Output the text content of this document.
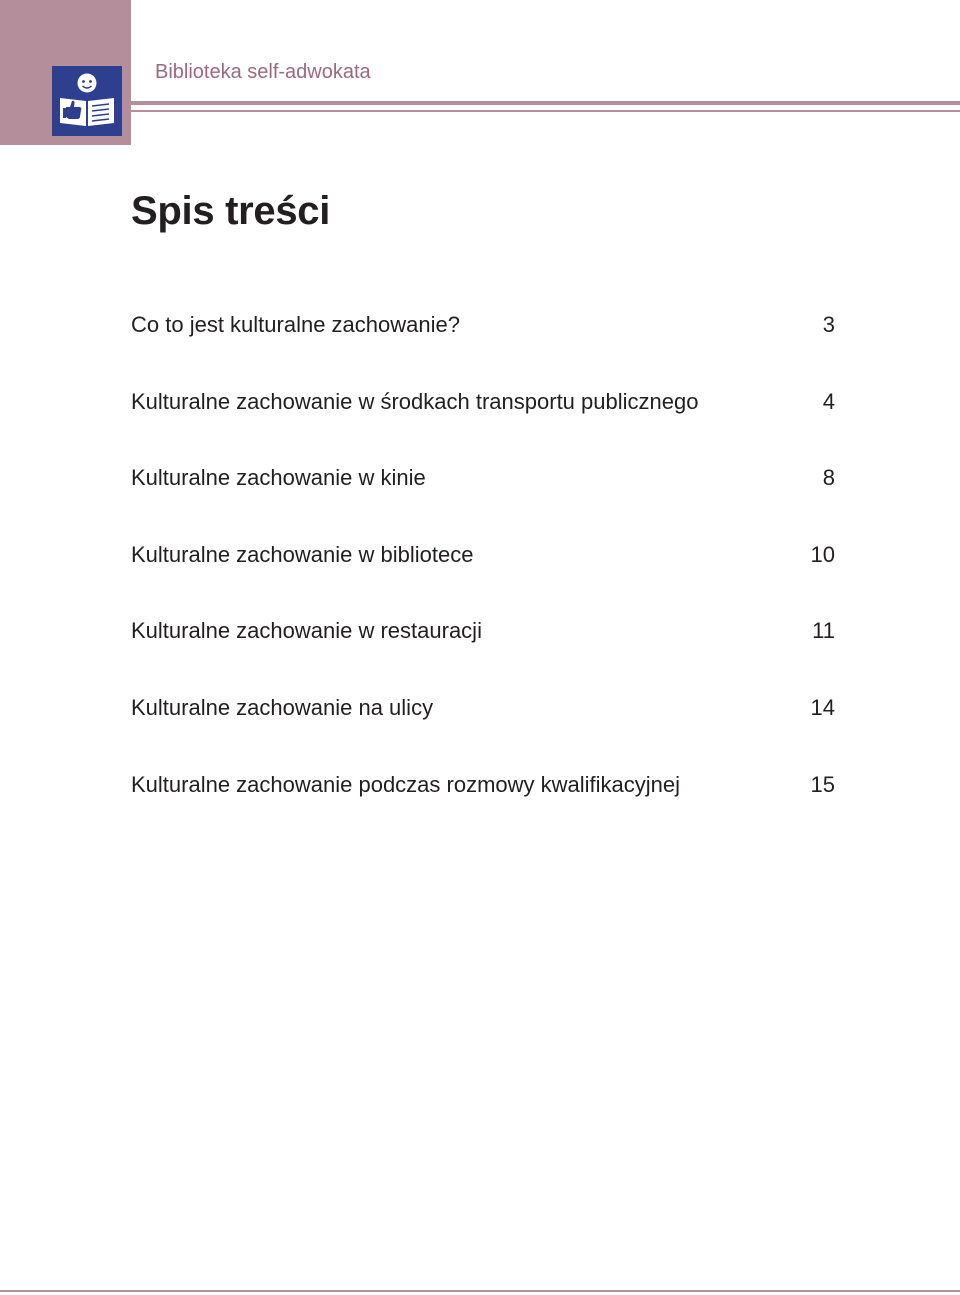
Biblioteka self-adwokata
Spis treści
Co to jest kulturalne zachowanie?	3
Kulturalne zachowanie w środkach transportu publicznego	4
Kulturalne zachowanie w kinie	8
Kulturalne zachowanie w bibliotece	10
Kulturalne zachowanie w restauracji	11
Kulturalne zachowanie na ulicy	14
Kulturalne zachowanie podczas rozmowy kwalifikacyjnej	15
